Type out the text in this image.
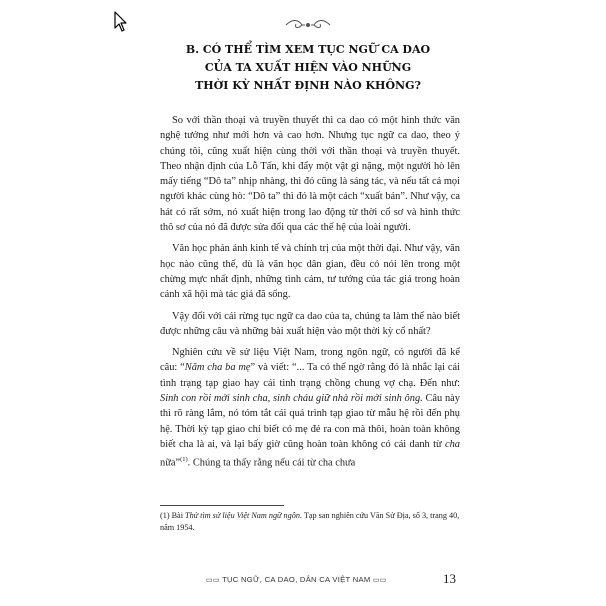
B. CÓ THỂ TÌM XEM TỤC NGỮ CA DAO
CỦA TA XUẤT HIỆN VÀO NHỮNG
THỜI KỲ NHẤT ĐỊNH NÀO KHÔNG?

So với thần thoại và truyền thuyết thì ca dao có một hình thức văn nghệ tưởng như mới hơn và cao hơn. Nhưng tục ngữ ca dao, theo ý chúng tôi, cũng xuất hiện cùng thời với thần thoại và truyền thuyết. Theo nhận định của Lỗ Tấn, khi đẩy một vật gì nặng, một người hò lên mấy tiếng “Dô ta” nhịp nhàng, thì đó cũng là sáng tác, và nếu tất cả mọi người khác cùng hò: “Dô ta” thì đó là một cách “xuất bản”. Như vậy, ca hát có rất sớm, nó xuất hiện trong lao động từ thời cổ sơ và hình thức thô sơ của nó đã được sửa đổi qua các thế hệ của loài người.

Văn học phản ánh kinh tế và chính trị của một thời đại. Như vậy, văn học nào cũng thế, dù là văn học dân gian, đều có nói lên trong một chừng mực nhất định, những tình cảm, tư tưởng của tác giả trong hoàn cảnh xã hội mà tác giả đã sống.

Vậy đối với cái rừng tục ngữ ca dao của ta, chúng ta làm thế nào biết được những câu và những bài xuất hiện vào một thời kỳ cổ nhất?

Nghiên cứu về sử liệu Việt Nam, trong ngôn ngữ, có người đã kể câu: “Năm cha ba mẹ” và viết: “... Ta có thể ngờ rằng đó là nhắc lại cái tình trạng tạp giao hay cái tình trạng chồng chung vợ chạ. Đến như: Sinh con rồi mới sinh cha, sinh cháu giữ nhà rồi mới sinh ông. Câu này thì rõ ràng lắm, nó tóm tắt cái quá trình tạp giao từ mẫu hệ rồi đến phụ hệ. Thời kỳ tạp giao chỉ biết có mẹ đẻ ra con mà thôi, hoàn toàn không biết cha là ai, và lại bấy giờ cũng hoàn toàn không có cái danh từ cha nữa”$^{(1)}$. Chúng ta thấy rằng nếu cái từ cha chưa

(1) Bài Thử tìm sử liệu Việt Nam ngữ ngôn. Tạp san nghiên cứu Văn Sử Địa, số 3, trang 40, năm 1954.
▭▭ TỤC NGỮ, CA DAO, DÂN CA VIỆT NAM ▭▭	13
